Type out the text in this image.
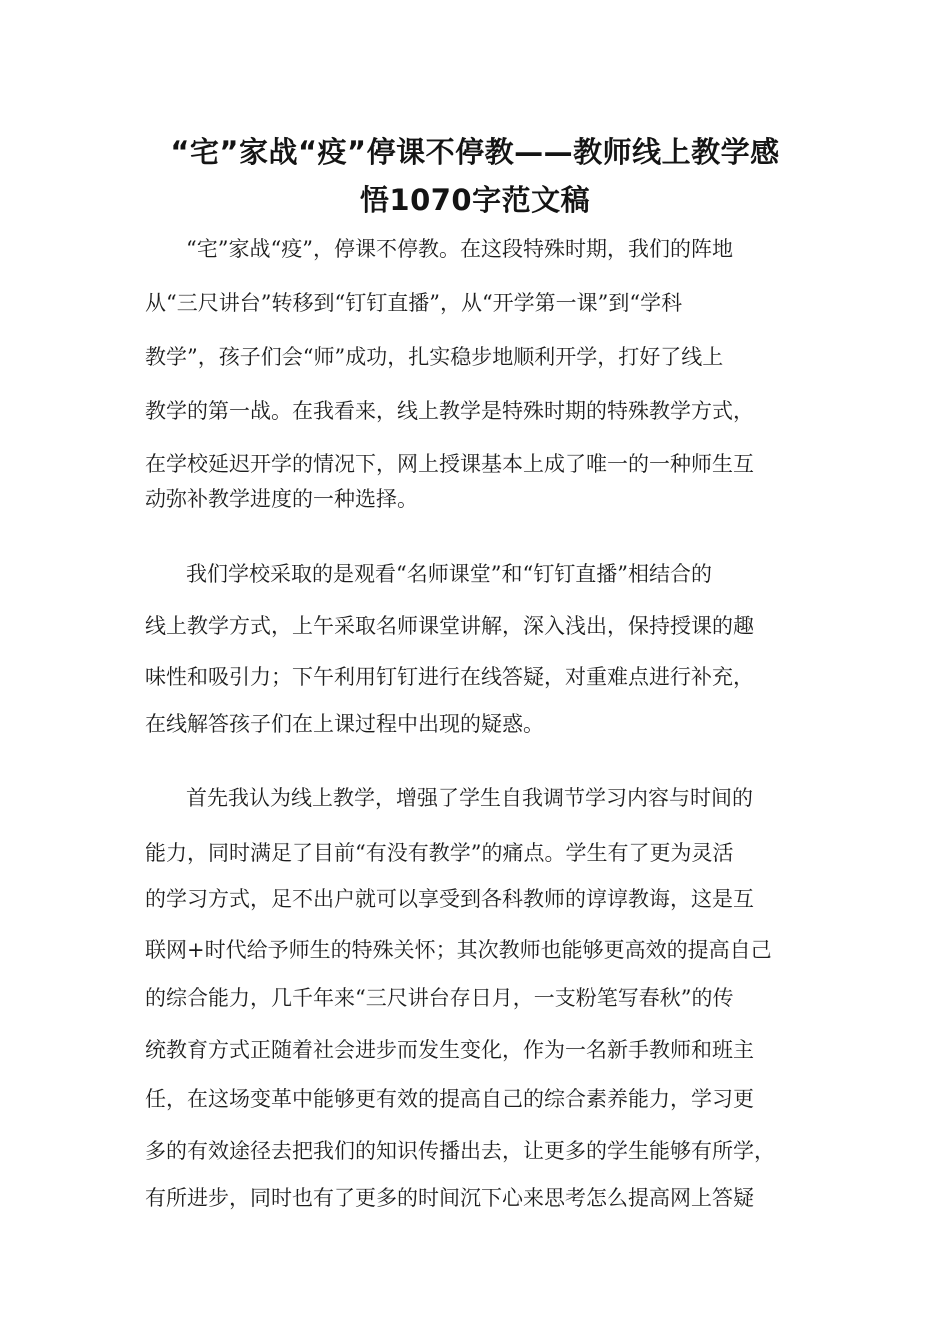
“宅”家战“疫”停课不停教——教师线上教学感
悟1070字范文稿

“宅”家战“疫”，停课不停教。在这段特殊时期，我们的阵地

从“三尺讲台”转移到“钉钉直播”，从“开学第一课”到“学科

教学”，孩子们会“师”成功，扎实稳步地顺利开学，打好了线上

教学的第一战。在我看来，线上教学是特殊时期的特殊教学方式，

在学校延迟开学的情况下，网上授课基本上成了唯一的一种师生互

动弥补教学进度的一种选择。

我们学校采取的是观看“名师课堂”和“钉钉直播”相结合的

线上教学方式，上午采取名师课堂讲解，深入浅出，保持授课的趣

味性和吸引力；下午利用钉钉进行在线答疑，对重难点进行补充，

在线解答孩子们在上课过程中出现的疑惑。

首先我认为线上教学，增强了学生自我调节学习内容与时间的

能力，同时满足了目前“有没有教学”的痛点。学生有了更为灵活

的学习方式，足不出户就可以享受到各科教师的谆谆教诲，这是互

联网+时代给予师生的特殊关怀；其次教师也能够更高效的提高自己

的综合能力，几千年来“三尺讲台存日月，一支粉笔写春秋”的传

统教育方式正随着社会进步而发生变化，作为一名新手教师和班主

任，在这场变革中能够更有效的提高自己的综合素养能力，学习更

多的有效途径去把我们的知识传播出去，让更多的学生能够有所学，

有所进步，同时也有了更多的时间沉下心来思考怎么提高网上答疑
